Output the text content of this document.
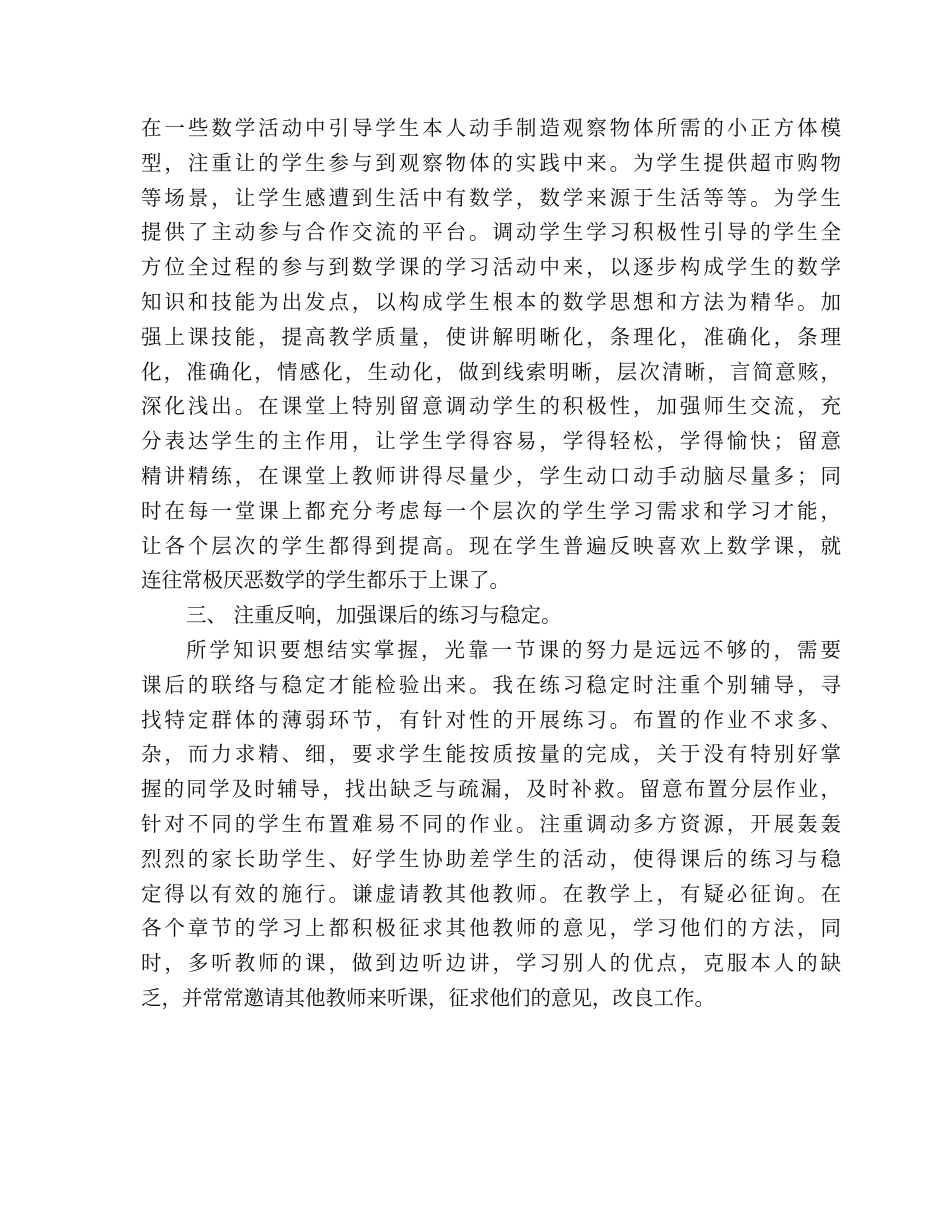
在一些数学活动中引导学生本人动手制造观察物体所需的小正方体模
型，注重让的学生参与到观察物体的实践中来。为学生提供超市购物
等场景，让学生感遭到生活中有数学，数学来源于生活等等。为学生
提供了主动参与合作交流的平台。调动学生学习积极性引导的学生全
方位全过程的参与到数学课的学习活动中来，以逐步构成学生的数学
知识和技能为出发点，以构成学生根本的数学思想和方法为精华。加
强上课技能，提高教学质量，使讲解明晰化，条理化，准确化，条理
化，准确化，情感化，生动化，做到线索明晰，层次清晰，言简意赅，
深化浅出。在课堂上特别留意调动学生的积极性，加强师生交流，充
分表达学生的主作用，让学生学得容易，学得轻松，学得愉快；留意
精讲精练，在课堂上教师讲得尽量少，学生动口动手动脑尽量多；同
时在每一堂课上都充分考虑每一个层次的学生学习需求和学习才能，
让各个层次的学生都得到提高。现在学生普遍反映喜欢上数学课，就
连往常极厌恶数学的学生都乐于上课了。
三、 注重反响，加强课后的练习与稳定。
所学知识要想结实掌握，光靠一节课的努力是远远不够的，需要
课后的联络与稳定才能检验出来。我在练习稳定时注重个别辅导，寻
找特定群体的薄弱环节，有针对性的开展练习。布置的作业不求多、
杂，而力求精、细，要求学生能按质按量的完成，关于没有特别好掌
握的同学及时辅导，找出缺乏与疏漏，及时补救。留意布置分层作业，
针对不同的学生布置难易不同的作业。注重调动多方资源，开展轰轰
烈烈的家长助学生、好学生协助差学生的活动，使得课后的练习与稳
定得以有效的施行。谦虚请教其他教师。在教学上，有疑必征询。在
各个章节的学习上都积极征求其他教师的意见，学习他们的方法，同
时，多听教师的课，做到边听边讲，学习别人的优点，克服本人的缺
乏，并常常邀请其他教师来听课，征求他们的意见，改良工作。
